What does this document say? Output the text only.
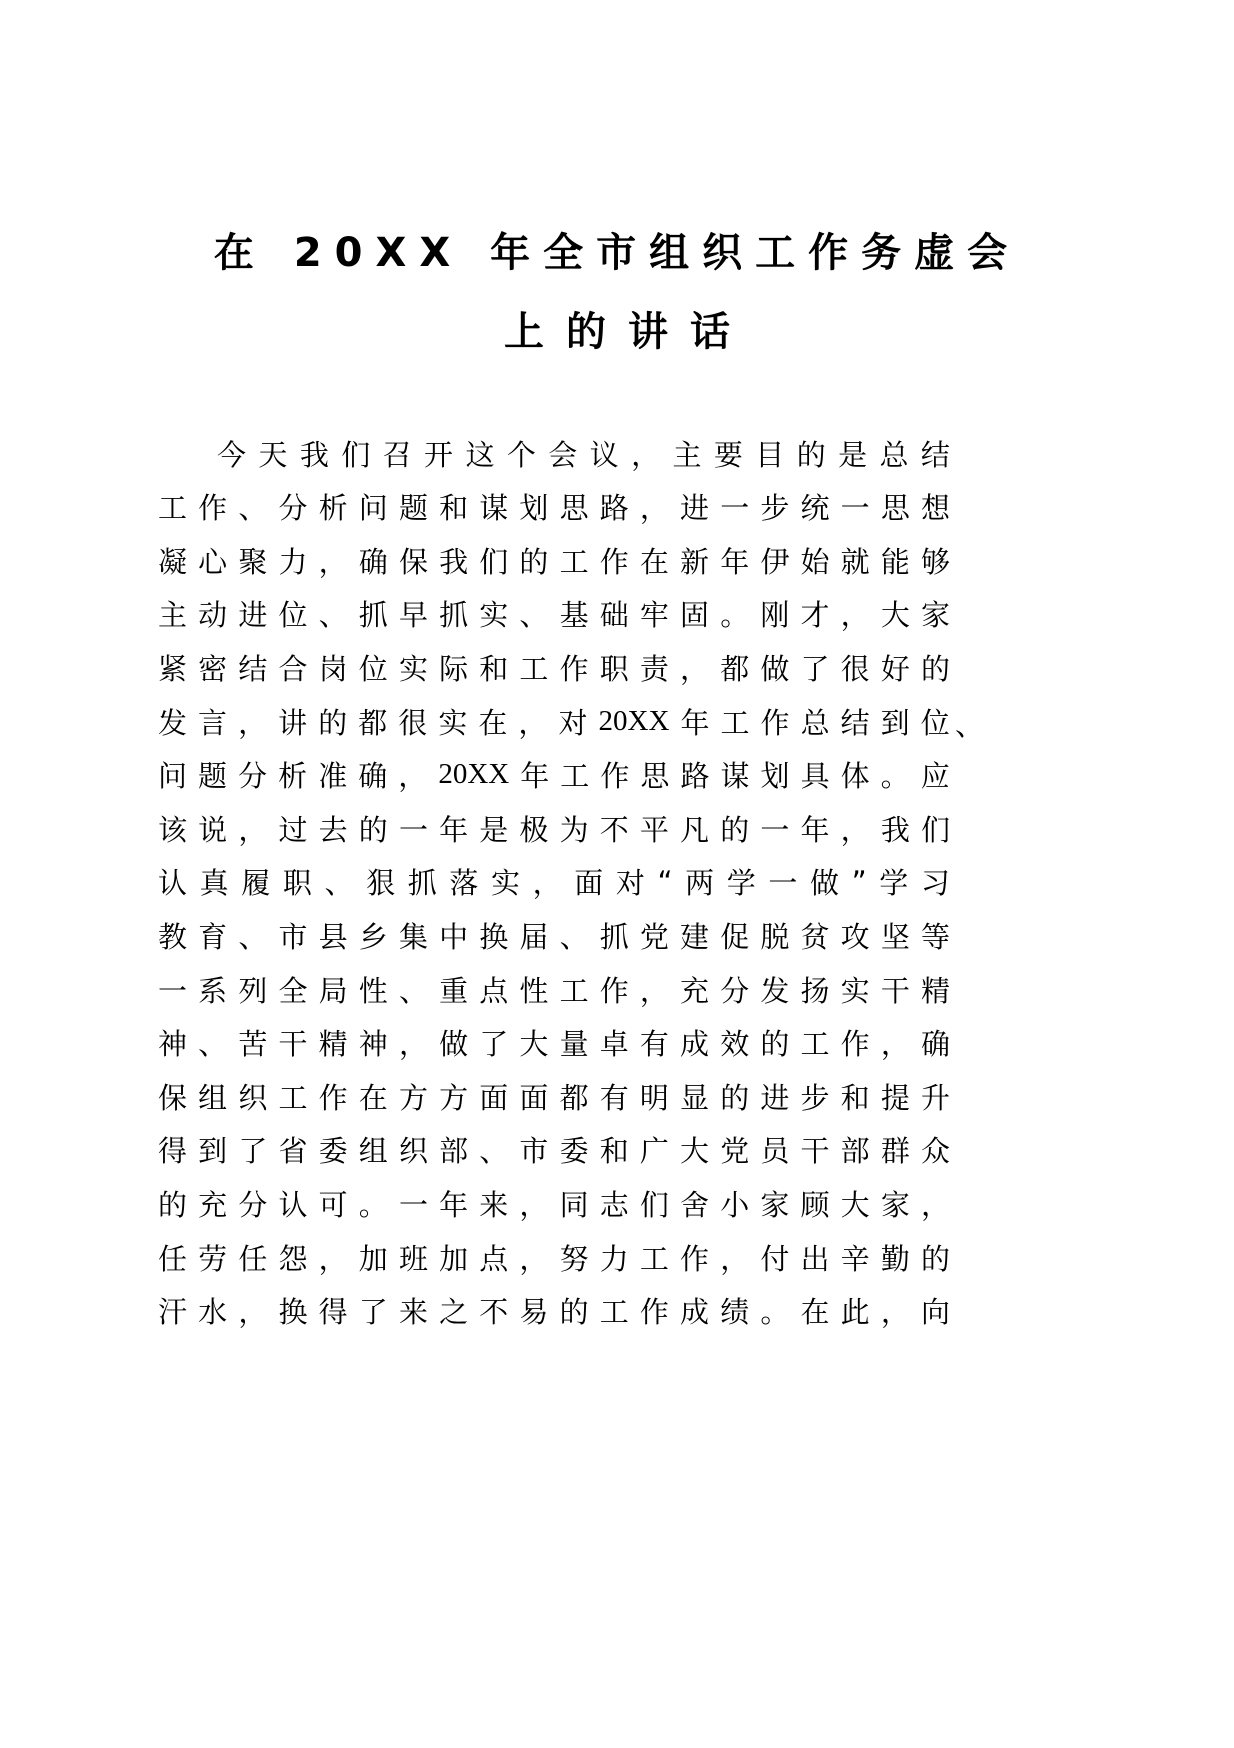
在 20XX 年全市组织工作务虚会
上的讲话
今 天 我 们 召 开 这 个 会 议 ， 主 要 目 的 是 总 结
工 作 、 分 析 问 题 和 谋 划 思 路 ， 进 一 步 统 一 思 想
凝 心 聚 力 ， 确 保 我 们 的 工 作 在 新 年 伊 始 就 能 够
主 动 进 位 、 抓 早 抓 实 、 基 础 牢 固 。 刚 才 ， 大 家
紧 密 结 合 岗 位 实 际 和 工 作 职 责 ， 都 做 了 很 好 的
发 言 ， 讲 的 都 很 实 在 ， 对 20XX 年 工 作 总 结 到 位 、
问 题 分 析 准 确 ， 20XX 年 工 作 思 路 谋 划 具 体 。 应
该 说 ， 过 去 的 一 年 是 极 为 不 平 凡 的 一 年 ， 我 们
认 真 履 职 、 狠 抓 落 实 ， 面 对 “ 两 学 一 做 ” 学 习
教 育 、 市 县 乡 集 中 换 届 、 抓 党 建 促 脱 贫 攻 坚 等
一 系 列 全 局 性 、 重 点 性 工 作 ， 充 分 发 扬 实 干 精
神 、 苦 干 精 神 ， 做 了 大 量 卓 有 成 效 的 工 作 ， 确
保 组 织 工 作 在 方 方 面 面 都 有 明 显 的 进 步 和 提 升
得 到 了 省 委 组 织 部 、 市 委 和 广 大 党 员 干 部 群 众
的 充 分 认 可 。 一 年 来 ， 同 志 们 舍 小 家 顾 大 家 ，
任 劳 任 怨 ， 加 班 加 点 ， 努 力 工 作 ， 付 出 辛 勤 的
汗 水 ， 换 得 了 来 之 不 易 的 工 作 成 绩 。 在 此 ， 向
